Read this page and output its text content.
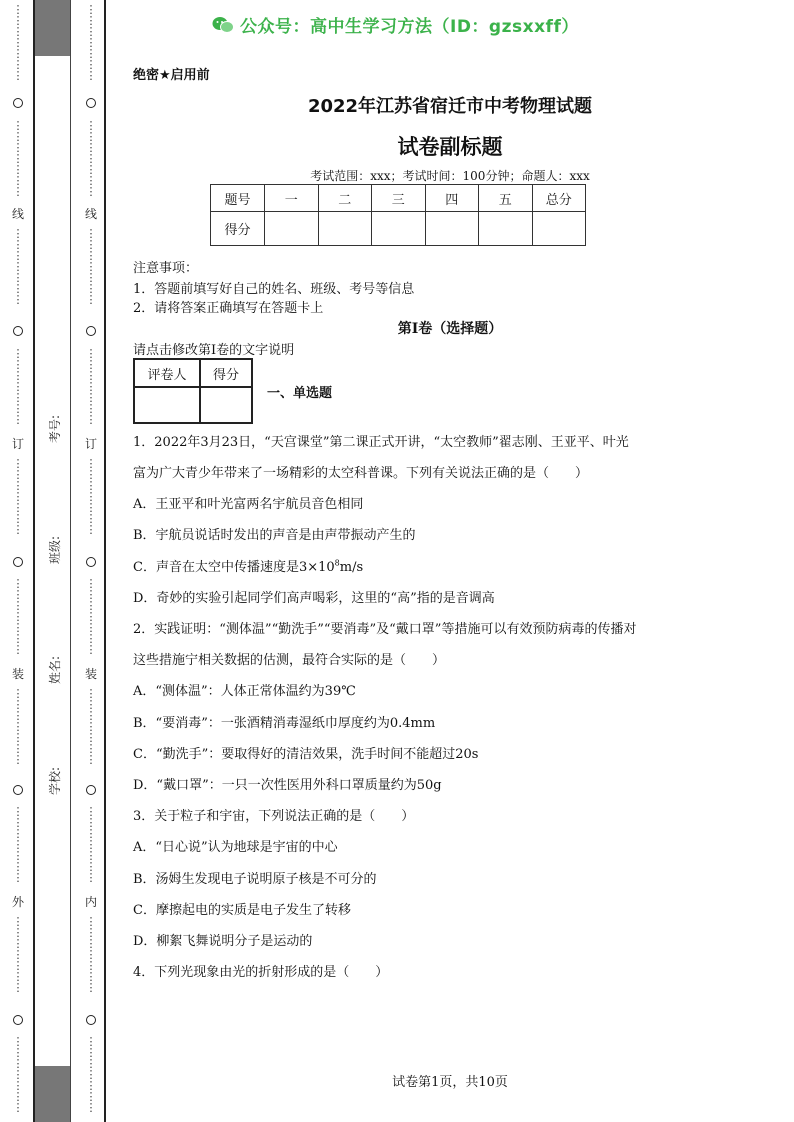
⋮
⋮
⋮
⋮
⋮
⋮
⋮
⋮
⋮
⋮
⋮
⋮
⋮
⋮
线
⋮
⋮
⋮
⋮
⋮
⋮
⋮
⋮
⋮
⋮
⋮
⋮
⋮
⋮
订
⋮
⋮
⋮
⋮
⋮
⋮
⋮
⋮
⋮
⋮
⋮
⋮
⋮
⋮
装
⋮
⋮
⋮
⋮
⋮
⋮
⋮
⋮
⋮
⋮
⋮
⋮
⋮
⋮
外
⋮
⋮
⋮
⋮
⋮
⋮
⋮
⋮
⋮
⋮
⋮
⋮
⋮
⋮
⋮
⋮
⋮
⋮
⋮
⋮
⋮
⋮
⋮
⋮
⋮
⋮
⋮
⋮
线
⋮
⋮
⋮
⋮
⋮
⋮
⋮
⋮
⋮
⋮
⋮
⋮
⋮
⋮
订
⋮
⋮
⋮
⋮
⋮
⋮
⋮
⋮
⋮
⋮
⋮
⋮
⋮
⋮
装
⋮
⋮
⋮
⋮
⋮
⋮
⋮
⋮
⋮
⋮
⋮
⋮
⋮
⋮
内
⋮
⋮
⋮
⋮
⋮
⋮
⋮
⋮
⋮
⋮
⋮
⋮
⋮
⋮
考号:
班级:
姓名:
学校:
公众号：高中生学习方法（ID：gzsxxff）
绝密★启用前
2022年江苏省宿迁市中考物理试题
试卷副标题
考试范围：xxx；考试时间：100分钟；命题人：xxx
题号	一	二	三	四	五	总分
得分						
注意事项：
1．答题前填写好自己的姓名、班级、考号等信息
2．请将答案正确填写在答题卡上
第I卷（选择题）
请点击修改第I卷的文字说明
评卷人	得分

一、单选题
1．2022年3月23日，“天宫课堂”第二课正式开讲，“太空教师”翟志刚、王亚平、叶光
富为广大青少年带来了一场精彩的太空科普课。下列有关说法正确的是（　　）
A．王亚平和叶光富两名宇航员音色相同
B．宇航员说话时发出的声音是由声带振动产生的
C．声音在太空中传播速度是$3\times 10^8m/s$
D．奇妙的实验引起同学们高声喝彩，这里的“高”指的是音调高
2．实践证明：“测体温”“勤洗手”“要消毒”及“戴口罩”等措施可以有效预防病毒的传播对
这些措施宁相关数据的估测，最符合实际的是（　　）
A．“测体温”：人体正常体温约为39℃
B．“要消毒”：一张酒精消毒湿纸巾厚度约为0.4mm
C．“勤洗手”：要取得好的清洁效果，洗手时间不能超过20s
D．“戴口罩”：一只一次性医用外科口罩质量约为50g
3．关于粒子和宇宙，下列说法正确的是（　　）
A．“日心说”认为地球是宇宙的中心
B．汤姆生发现电子说明原子核是不可分的
C．摩擦起电的实质是电子发生了转移
D．柳絮飞舞说明分子是运动的
4．下列光现象由光的折射形成的是（　　）
试卷第1页，共10页
